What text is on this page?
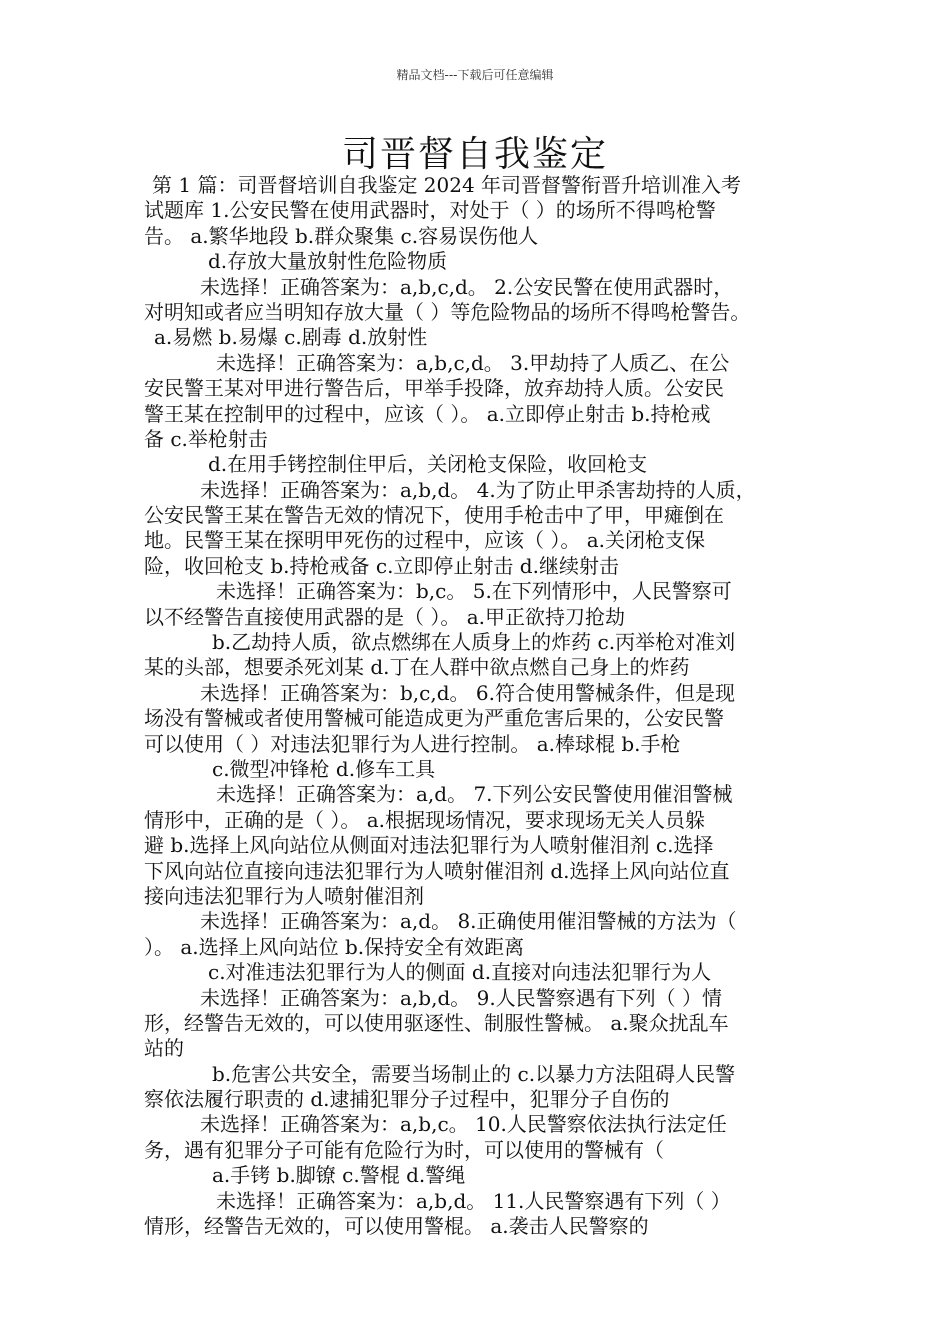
精品文档---下载后可任意编辑
司晋督自我鉴定
第 1 篇：司晋督培训自我鉴定 2024 年司晋督警衔晋升培训准入考
试题库 1.公安民警在使用武器时，对处于（ ）的场所不得鸣枪警
告。 a.繁华地段 b.群众聚集 c.容易误伤他人
d.存放大量放射性危险物质
未选择！正确答案为：a,b,c,d。 2.公安民警在使用武器时，
对明知或者应当明知存放大量（ ）等危险物品的场所不得鸣枪警告。
a.易燃 b.易爆 c.剧毒 d.放射性
未选择！正确答案为：a,b,c,d。 3.甲劫持了人质乙、在公
安民警王某对甲进行警告后，甲举手投降，放弃劫持人质。公安民
警王某在控制甲的过程中，应该（ ）。 a.立即停止射击 b.持枪戒
备 c.举枪射击
d.在用手铐控制住甲后，关闭枪支保险，收回枪支
未选择！正确答案为：a,b,d。 4.为了防止甲杀害劫持的人质，
公安民警王某在警告无效的情况下，使用手枪击中了甲，甲瘫倒在
地。民警王某在探明甲死伤的过程中，应该（ ）。 a.关闭枪支保
险，收回枪支 b.持枪戒备 c.立即停止射击 d.继续射击
未选择！正确答案为：b,c。 5.在下列情形中，人民警察可
以不经警告直接使用武器的是（ ）。 a.甲正欲持刀抢劫
b.乙劫持人质，欲点燃绑在人质身上的炸药 c.丙举枪对准刘
某的头部，想要杀死刘某 d.丁在人群中欲点燃自己身上的炸药
未选择！正确答案为：b,c,d。 6.符合使用警械条件，但是现
场没有警械或者使用警械可能造成更为严重危害后果的，公安民警
可以使用（ ）对违法犯罪行为人进行控制。 a.棒球棍 b.手枪
c.微型冲锋枪 d.修车工具
未选择！正确答案为：a,d。 7.下列公安民警使用催泪警械
情形中，正确的是（ ）。 a.根据现场情况，要求现场无关人员躲
避 b.选择上风向站位从侧面对违法犯罪行为人喷射催泪剂 c.选择
下风向站位直接向违法犯罪行为人喷射催泪剂 d.选择上风向站位直
接向违法犯罪行为人喷射催泪剂
未选择！正确答案为：a,d。 8.正确使用催泪警械的方法为（
）。 a.选择上风向站位 b.保持安全有效距离
c.对准违法犯罪行为人的侧面 d.直接对向违法犯罪行为人
未选择！正确答案为：a,b,d。 9.人民警察遇有下列（ ）情
形，经警告无效的，可以使用驱逐性、制服性警械。 a.聚众扰乱车
站的
b.危害公共安全，需要当场制止的 c.以暴力方法阻碍人民警
察依法履行职责的 d.逮捕犯罪分子过程中，犯罪分子自伤的
未选择！正确答案为：a,b,c。 10.人民警察依法执行法定任
务，遇有犯罪分子可能有危险行为时，可以使用的警械有（
a.手铐 b.脚镣 c.警棍 d.警绳
未选择！正确答案为：a,b,d。 11.人民警察遇有下列（ ）
情形，经警告无效的，可以使用警棍。 a.袭击人民警察的
